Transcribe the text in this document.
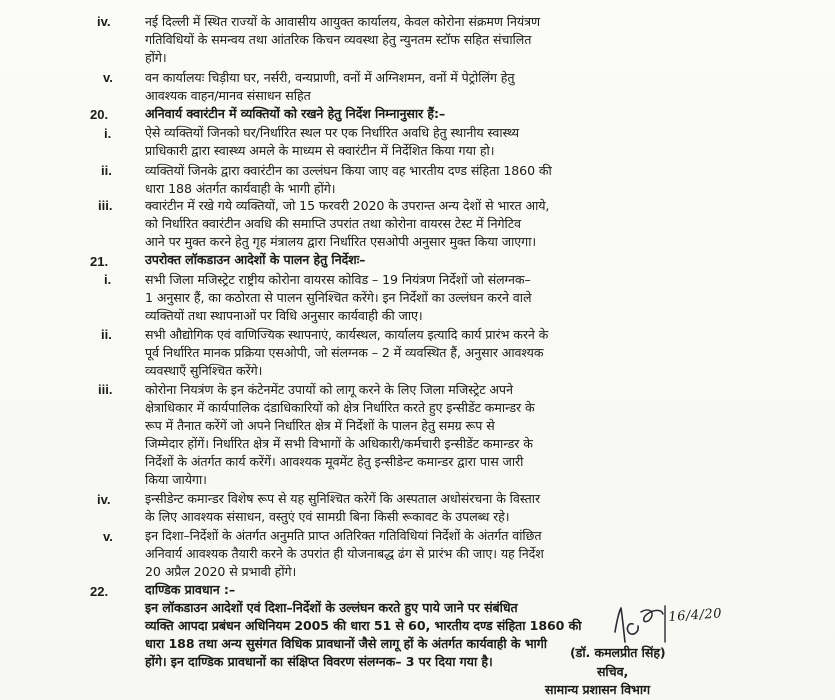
iv.	नई दिल्ली में स्थित राज्यों के आवासीय आयुक्त कार्यालय, केवल कोरोना संक्रमण नियंत्रण
गतिविधियों के समन्वय तथा आंतरिक किचन व्यवस्था हेतु न्युनतम स्टॉफ सहित संचालित
होंगे।
v.	वन कार्यालयः चिड़ीया घर, नर्सरी, वन्यप्राणी, वनों में अग्निशमन, वनों में पेट्रोलिंग हेतु
आवश्यक वाहन/मानव संसाधन सहित
20.	अनिवार्य क्वारंटीन में व्यक्तियों को रखने हेतु निर्देश निम्नानुसार हैं:–
i.	ऐसे व्यक्तियों जिनको घर/निर्धारित स्थल पर एक निर्धारित अवधि हेतु स्थानीय स्वास्थ्य
प्राधिकारी द्वारा स्वास्थ्य अमले के माध्यम से क्वारंटीन में निर्देशित किया गया हो।
ii.	व्यक्तियों जिनके द्वारा क्वारंटीन का उल्लंघन किया जाए वह भारतीय दण्ड संहिता 1860 की
धारा 188 अंतर्गत कार्यवाही के भागी होंगे।
iii.	क्वारंटीन में रखे गये व्यक्तियों, जो 15 फरवरी 2020 के उपरान्त अन्य देशों से भारत आये,
को निर्धारित क्वारंटीन अवधि की समाप्ति उपरांत तथा कोरोना वायरस टेस्ट में निगेटिव
आने पर मुक्त करने हेतु गृह मंत्रालय द्वारा निर्धारित एसओपी अनुसार मुक्त किया जाएगा।
21.	उपरोक्त लॉकडाउन आदेशों के पालन हेतु निर्देशः–
i.	सभी जिला मजिस्ट्रेट राष्ट्रीय कोरोना वायरस कोविड – 19 नियंत्रण निर्देशों जो संलग्नक–
1 अनुसार हैं, का कठोरता से पालन सुनिश्चित करेंगे। इन निर्देशों का उल्लंघन करने वाले
व्यक्तियों तथा स्थापनाओं पर विधि अनुसार कार्यवाही की जाए।
ii.	सभी औद्योगिक एवं वाणिज्यिक स्थापनाएं, कार्यस्थल, कार्यालय इत्यादि कार्य प्रारंभ करने के
पूर्व निर्धारित मानक प्रक्रिया एसओपी, जो संलग्नक – 2 में व्यवस्थित हैं, अनुसार आवश्यक
व्यवस्थाएँ सुनिश्चित करेंगे।
iii.	कोरोना नियत्रंण के इन कंटेनमेंट उपायों को लागू करने के लिए जिला मजिस्ट्रेट अपने
क्षेत्राधिकार में कार्यपालिक दंडाधिकारियों को क्षेत्र निर्धारित करते हुए इन्सीडेंट कमान्डर के
रूप में तैनात करेंगें जो अपने निर्धारित क्षेत्र में निर्देशों के पालन हेतु समग्र रूप से
जिम्मेदार होंगें। निर्धारित क्षेत्र में सभी विभागों के अधिकारी/कर्मचारी इन्सीडेंट कमान्डर के
निर्देशों के अंतर्गत कार्य करेंगें। आवश्यक मूवमेंट हेतु इन्सीडेन्ट कमान्डर द्वारा पास जारी
किया जायेगा।
iv.	इन्सीडेन्ट कमान्डर विशेष रूप से यह सुनिश्चित करेगें कि अस्पताल अधोसंरचना के विस्तार
के लिए आवश्यक संसाधन, वस्तुएं एवं सामग्री बिना किसी रूकावट के उपलब्ध रहे।
v.	इन दिशा–निर्देशों के अंतर्गत अनुमति प्राप्त अतिरिक्त गतिविधियां निर्देशों के अंतर्गत वांछित
अनिवार्य आवश्यक तैयारी करने के उपरांत ही योजनाबद्ध ढंग से प्रारंभ की जाए। यह निर्देश
20 अप्रैल 2020 से प्रभावी होंगे।
22.	दाण्डिक प्रावधान :–
इन लॉकडाउन आदेशों एवं दिशा–निर्देशों के उल्लंघन करते हुए पाये जाने पर संबंधित
व्यक्ति आपदा प्रबंधन अधिनियम 2005 की धारा 51 से 60, भारतीय दण्ड संहिता 1860 की
धारा 188 तथा अन्य सुसंगत विधिक प्रावधानों जैसे लागू हों के अंतर्गत कार्यवाही के भागी
होंगे। इन दाण्डिक प्रावधानों का संक्षिप्त विवरण संलग्नक– 3 पर दिया गया है।
16/4/20
(डॉ. कमलप्रीत सिंह)
सचिव,
सामान्य प्रशासन विभाग
